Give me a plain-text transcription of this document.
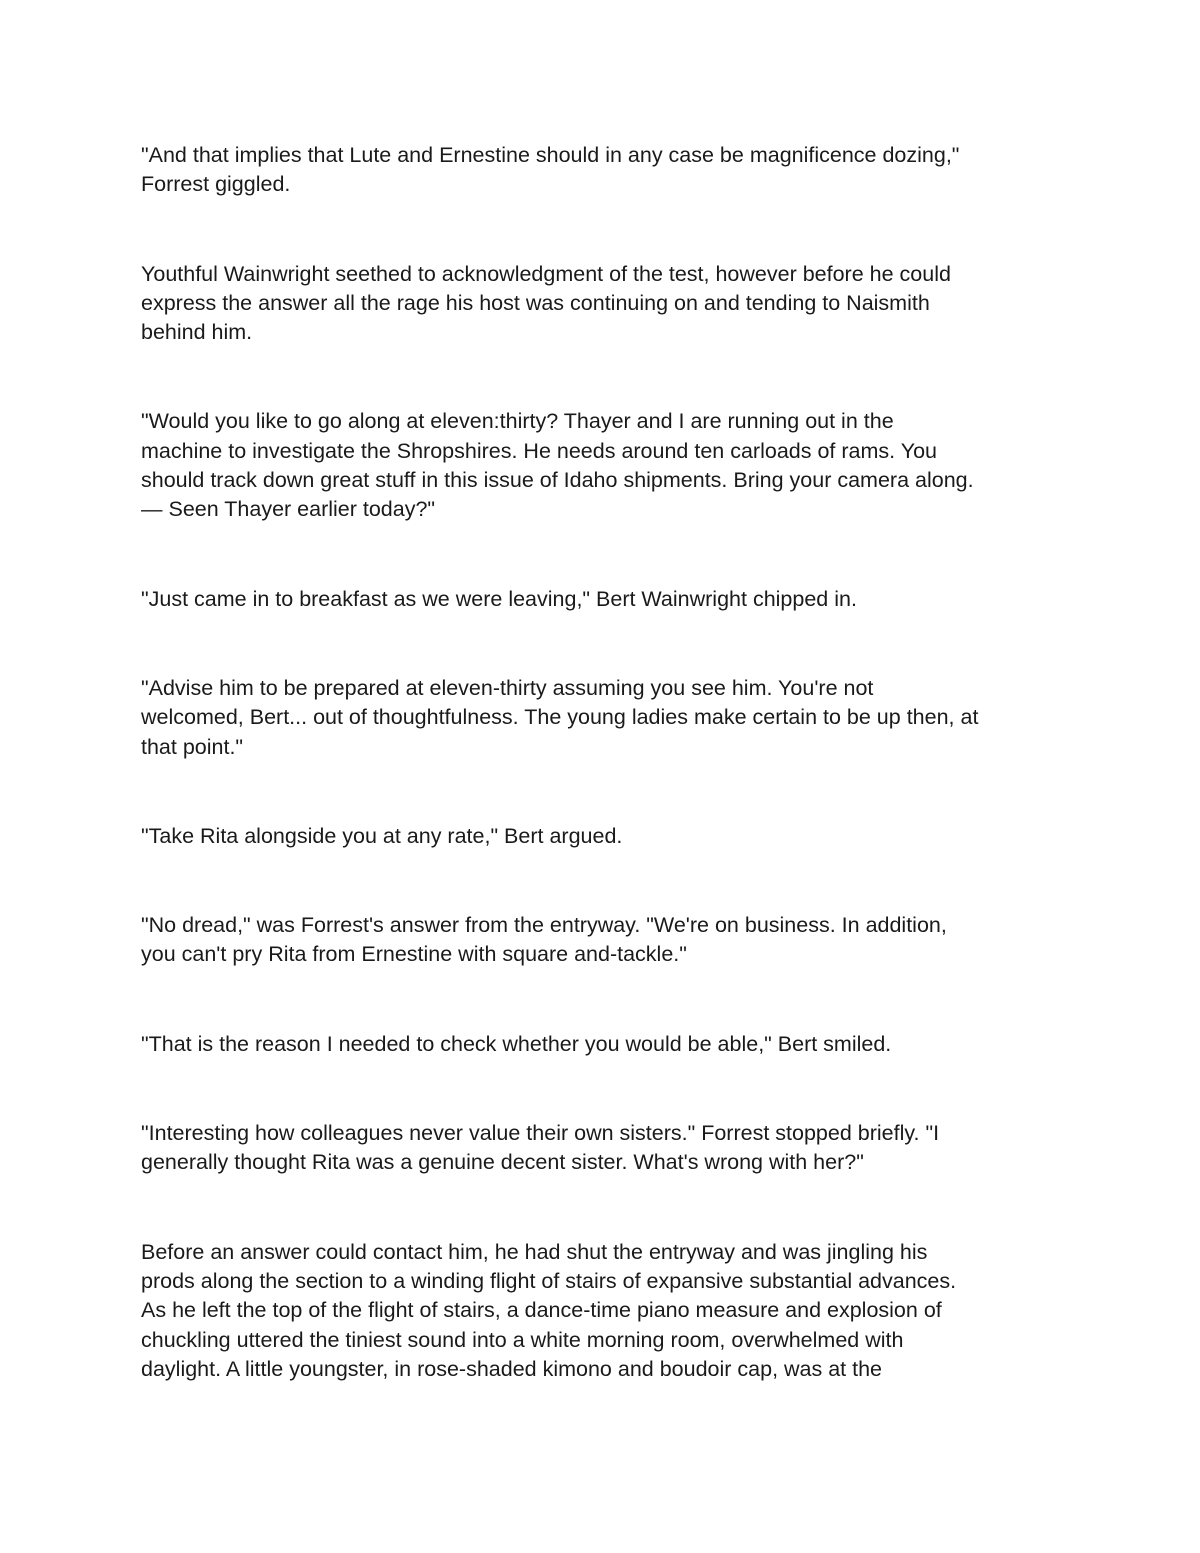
"And that implies that Lute and Ernestine should in any case be magnificence dozing,"
Forrest giggled.

Youthful Wainwright seethed to acknowledgment of the test, however before he could
express the answer all the rage his host was continuing on and tending to Naismith
behind him.

"Would you like to go along at eleven:thirty? Thayer and I are running out in the
machine to investigate the Shropshires. He needs around ten carloads of rams. You
should track down great stuff in this issue of Idaho shipments. Bring your camera along.
— Seen Thayer earlier today?"

"Just came in to breakfast as we were leaving," Bert Wainwright chipped in.

"Advise him to be prepared at eleven-thirty assuming you see him. You're not
welcomed, Bert... out of thoughtfulness. The young ladies make certain to be up then, at
that point."

"Take Rita alongside you at any rate," Bert argued.

"No dread," was Forrest's answer from the entryway. "We're on business. In addition,
you can't pry Rita from Ernestine with square and-tackle."

"That is the reason I needed to check whether you would be able," Bert smiled.

"Interesting how colleagues never value their own sisters." Forrest stopped briefly. "I
generally thought Rita was a genuine decent sister. What's wrong with her?"

Before an answer could contact him, he had shut the entryway and was jingling his
prods along the section to a winding flight of stairs of expansive substantial advances.
As he left the top of the flight of stairs, a dance-time piano measure and explosion of
chuckling uttered the tiniest sound into a white morning room, overwhelmed with
daylight. A little youngster, in rose-shaded kimono and boudoir cap, was at the
